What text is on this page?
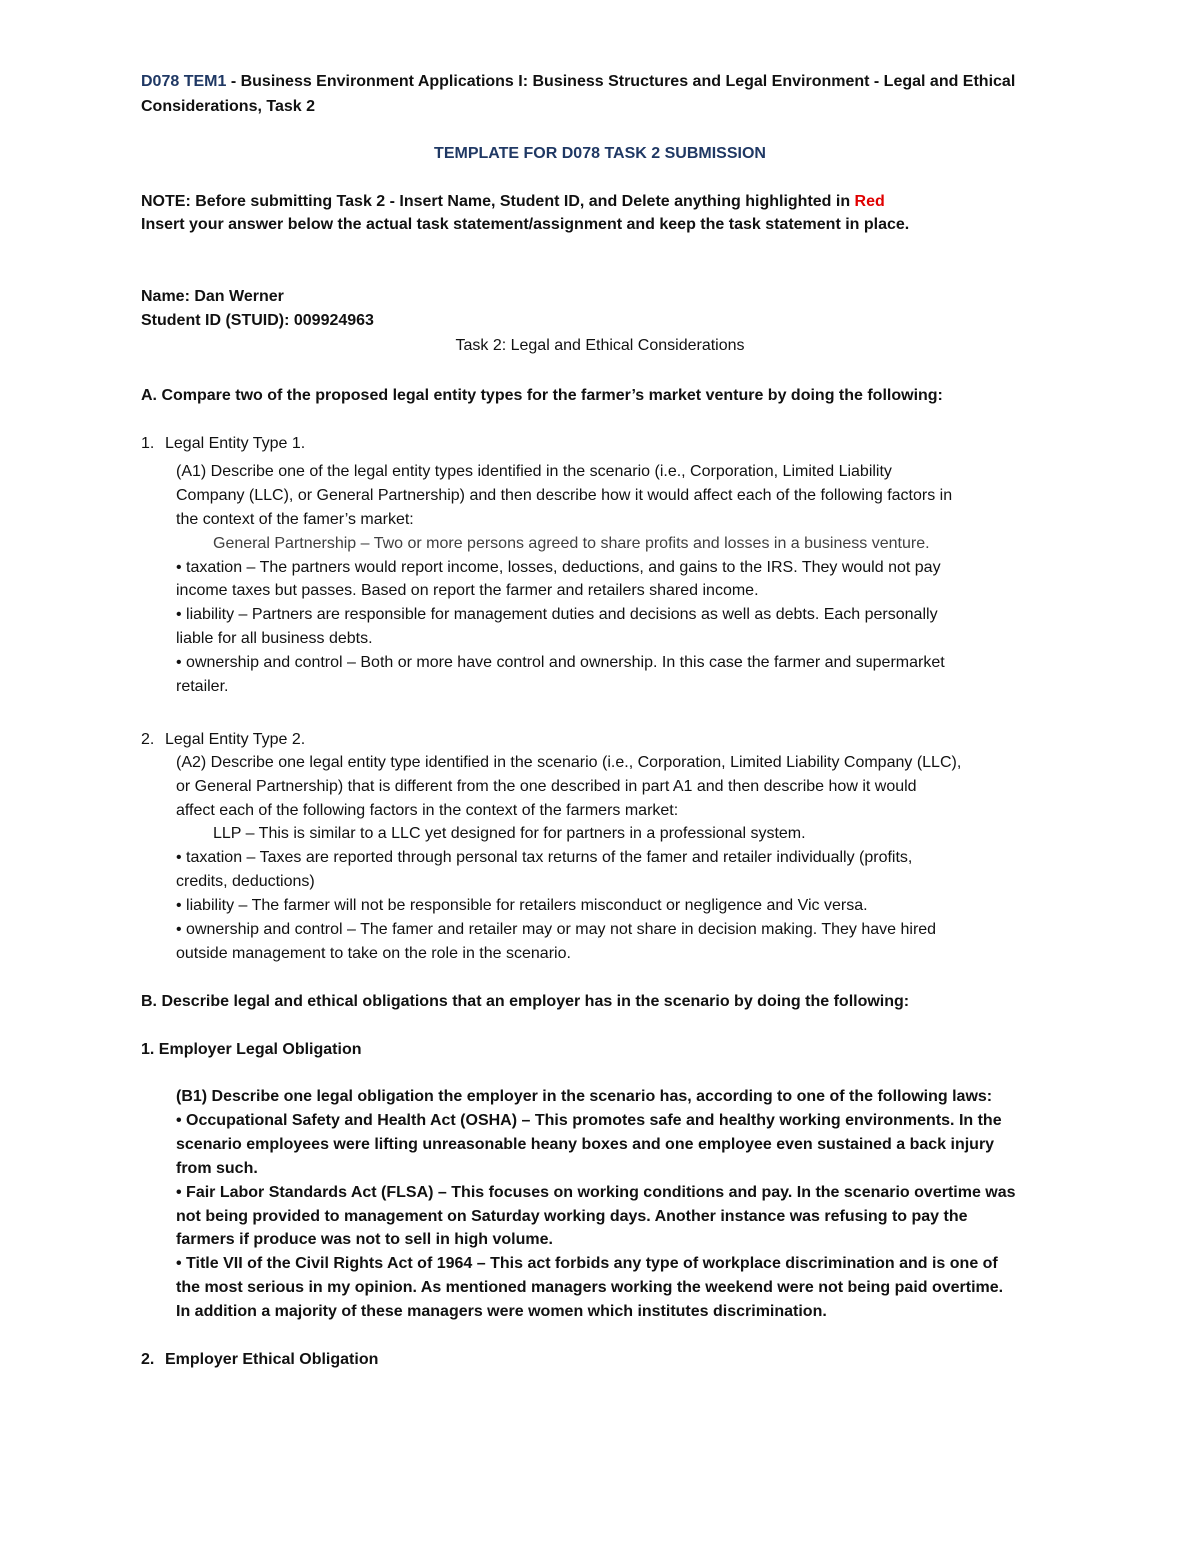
D078 TEM1 - Business Environment Applications I: Business Structures and Legal Environment - Legal and Ethical

Considerations, Task 2

TEMPLATE FOR D078 TASK 2 SUBMISSION

NOTE: Before submitting Task 2 - Insert Name, Student ID, and Delete anything highlighted in Red

Insert your answer below the actual task statement/assignment and keep the task statement in place.

Name: Dan Werner

Student ID (STUID): 009924963

Task 2: Legal and Ethical Considerations

A. Compare two of the proposed legal entity types for the farmer’s market venture by doing the following:

1. Legal Entity Type 1.

(A1) Describe one of the legal entity types identified in the scenario (i.e., Corporation, Limited Liability

Company (LLC), or General Partnership) and then describe how it would affect each of the following factors in

the context of the famer’s market:

General Partnership – Two or more persons agreed to share profits and losses in a business venture.

• taxation – The partners would report income, losses, deductions, and gains to the IRS. They would not pay

income taxes but passes. Based on report the farmer and retailers shared income.

• liability – Partners are responsible for management duties and decisions as well as debts. Each personally

liable for all business debts.

• ownership and control – Both or more have control and ownership. In this case the farmer and supermarket

retailer.

2. Legal Entity Type 2.

(A2) Describe one legal entity type identified in the scenario (i.e., Corporation, Limited Liability Company (LLC),

or General Partnership) that is different from the one described in part A1 and then describe how it would

affect each of the following factors in the context of the farmers market:

LLP – This is similar to a LLC yet designed for for partners in a professional system.

• taxation – Taxes are reported through personal tax returns of the famer and retailer individually (profits,

credits, deductions)

• liability – The farmer will not be responsible for retailers misconduct or negligence and Vic versa.

• ownership and control – The famer and retailer may or may not share in decision making. They have hired

outside management to take on the role in the scenario.

B. Describe legal and ethical obligations that an employer has in the scenario by doing the following:

1. Employer Legal Obligation

(B1) Describe one legal obligation the employer in the scenario has, according to one of the following laws:

• Occupational Safety and Health Act (OSHA) – This promotes safe and healthy working environments. In the

scenario employees were lifting unreasonable heany boxes and one employee even sustained a back injury

from such.

• Fair Labor Standards Act (FLSA) – This focuses on working conditions and pay. In the scenario overtime was

not being provided to management on Saturday working days. Another instance was refusing to pay the

farmers if produce was not to sell in high volume.

• Title VII of the Civil Rights Act of 1964 – This act forbids any type of workplace discrimination and is one of

the most serious in my opinion. As mentioned managers working the weekend were not being paid overtime.

In addition a majority of these managers were women which institutes discrimination.

2. Employer Ethical Obligation
